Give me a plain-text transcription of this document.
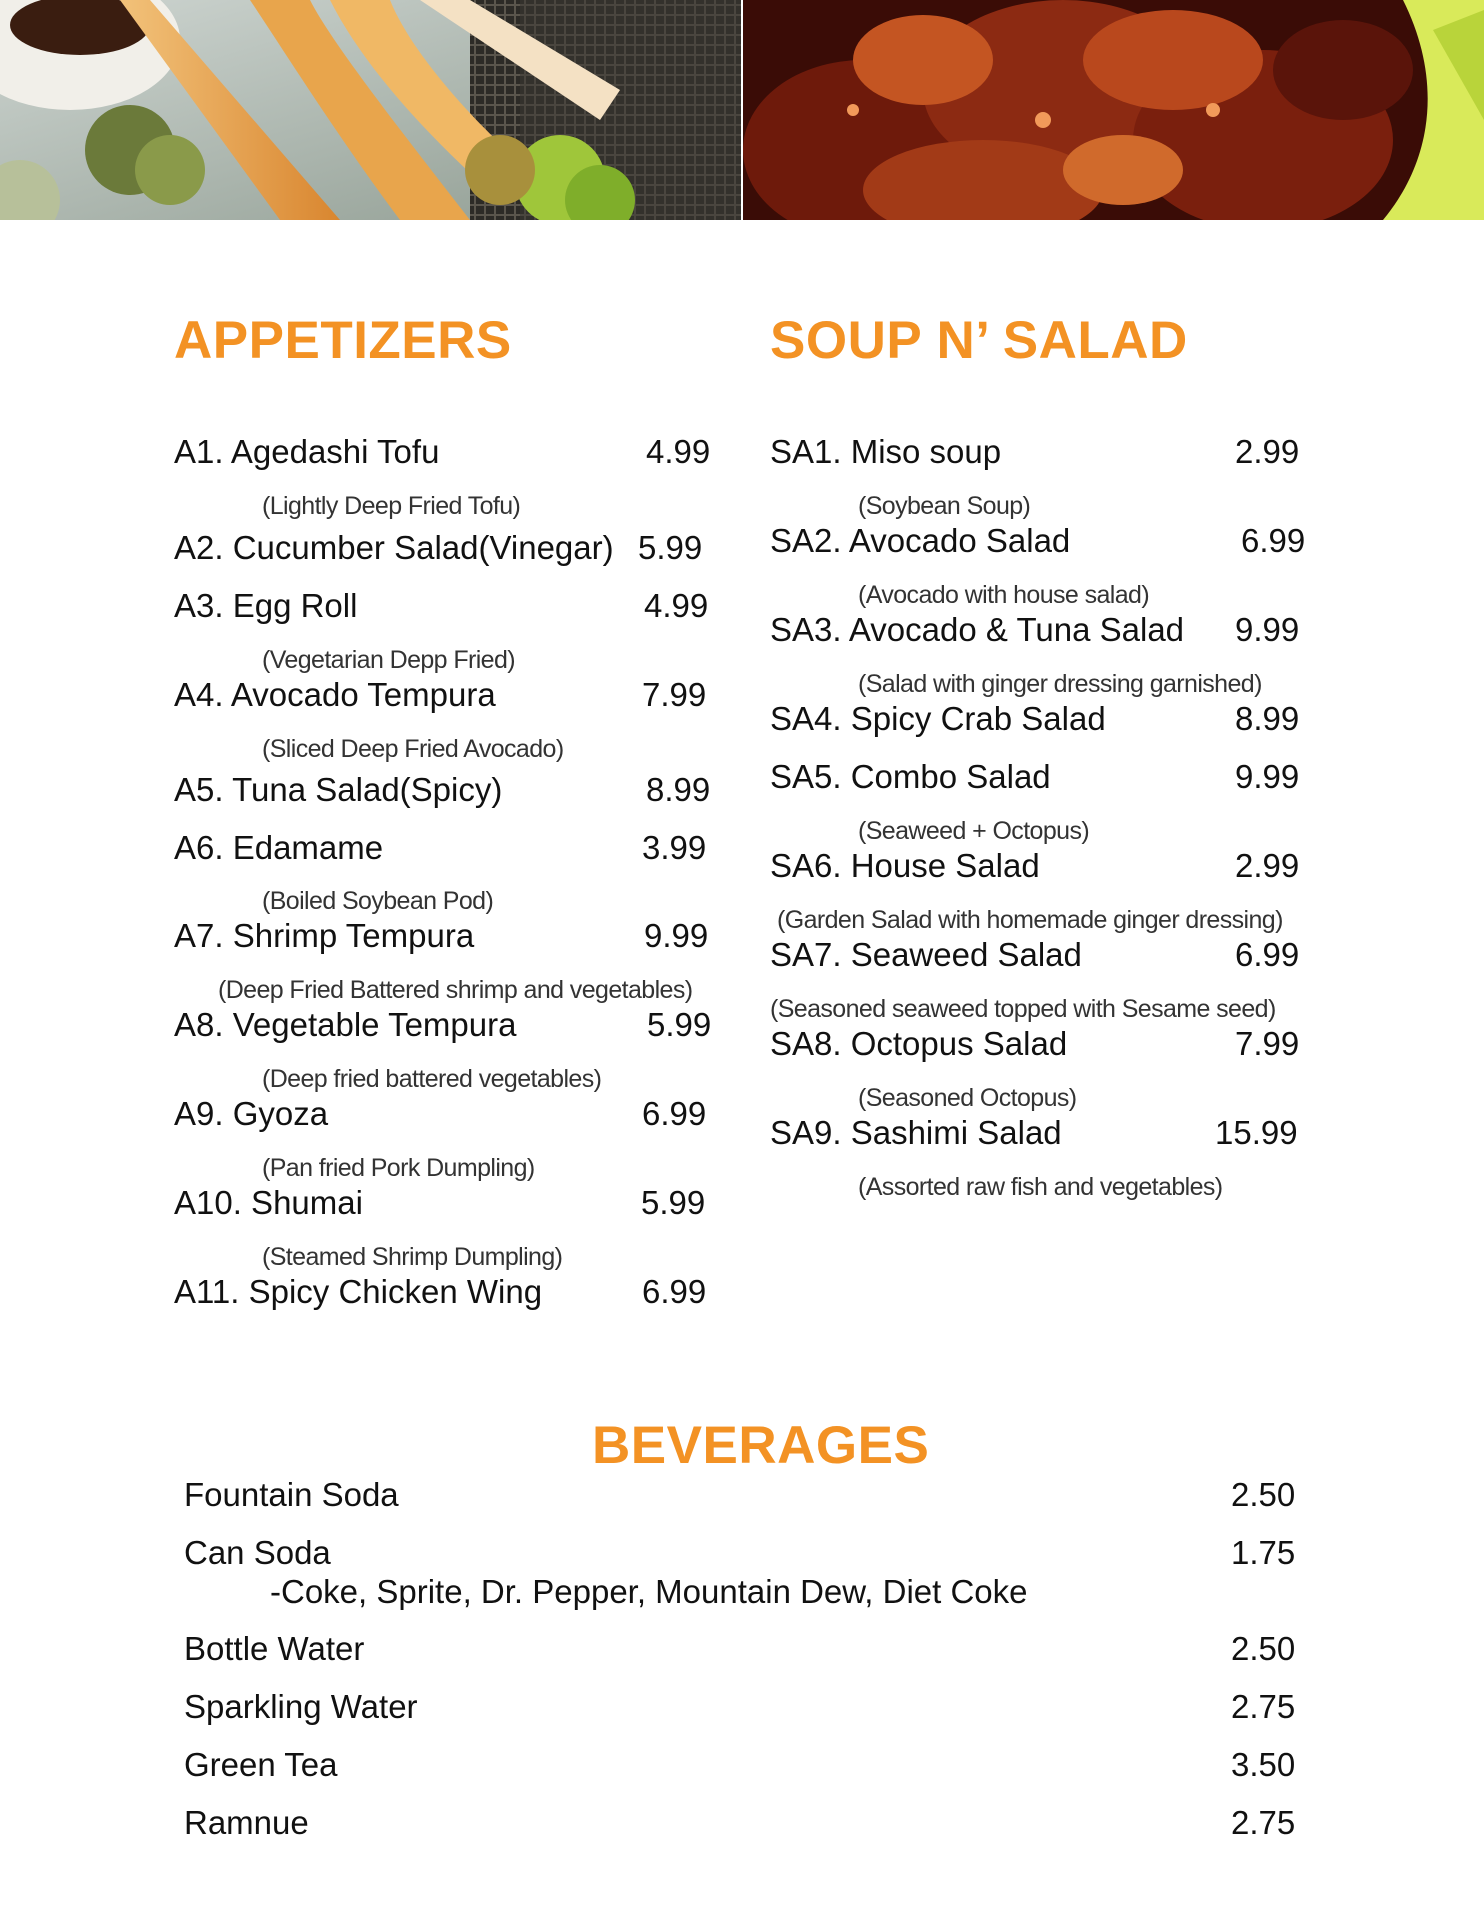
APPETIZERS
A1. Agedashi Tofu	4.99
(Lightly Deep Fried Tofu)
A2. Cucumber Salad(Vinegar) 5.99
A3. Egg Roll	4.99
(Vegetarian Depp Fried)
A4. Avocado Tempura	7.99
(Sliced Deep Fried Avocado)
A5. Tuna Salad(Spicy)	8.99
A6. Edamame	3.99
(Boiled Soybean Pod)
A7. Shrimp Tempura	9.99
(Deep Fried Battered shrimp and vegetables)
A8. Vegetable Tempura	5.99
(Deep fried battered vegetables)
A9. Gyoza	6.99
(Pan fried Pork Dumpling)
A10. Shumai	5.99
(Steamed Shrimp Dumpling)
A11. Spicy Chicken Wing	6.99
SOUP N’ SALAD
SA1. Miso soup	2.99
(Soybean Soup)
SA2. Avocado Salad	6.99
(Avocado with house salad)
SA3. Avocado & Tuna Salad 9.99
(Salad with ginger dressing garnished)
SA4. Spicy Crab Salad	8.99
SA5. Combo Salad	9.99
(Seaweed + Octopus)
SA6. House Salad	2.99
(Garden Salad with homemade ginger dressing)
SA7. Seaweed Salad	6.99
(Seasoned seaweed topped with Sesame seed)
SA8. Octopus Salad	7.99
(Seasoned Octopus)
SA9. Sashimi Salad	15.99
(Assorted raw fish and vegetables)
BEVERAGES
Fountain Soda	2.50
Can Soda	1.75
-Coke, Sprite, Dr. Pepper, Mountain Dew, Diet Coke
Bottle Water	2.50
Sparkling Water	2.75
Green Tea	3.50
Ramnue	2.75
